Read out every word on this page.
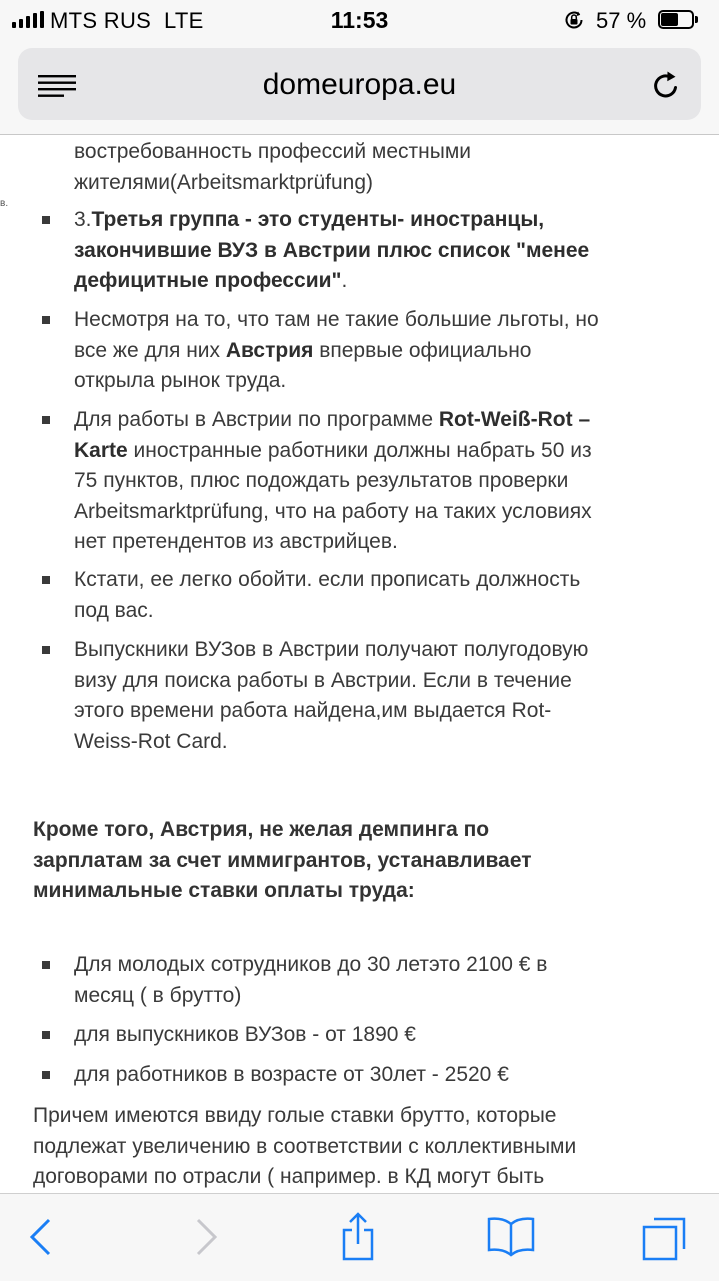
MTS RUS LTE	11:53	57 %
domeuropa.eu
в.
востребованность профессий местными
жителями(Arbeitsmarktprüfung)
3.Третья группа - это студенты- иностранцы,
закончившие ВУЗ в Австрии плюс список "менее
дефицитные профессии".
Несмотря на то, что там не такие большие льготы, но
все же для них Австрия впервые официально
открыла рынок труда.
Для работы в Австрии по программе Rot-Weiß-Rot –
Karte иностранные работники должны набрать 50 из
75 пунктов, плюс подождать результатов проверки
Arbeitsmarktprüfung, что на работу на таких условиях
нет претендентов из австрийцев.
Кстати, ее легко обойти. если прописать должность
под вас.
Выпускники ВУЗов в Австрии получают полугодовую
визу для поиска работы в Австрии. Если в течение
этого времени работа найдена,им выдается Rot-
Weiss-Rot Card.
Кроме того, Австрия, не желая демпинга по
зарплатам за счет иммигрантов, устанавливает
минимальные ставки оплаты труда:
Для молодых сотрудников до 30 летэто 2100 € в
месяц ( в брутто)
для выпускников ВУЗов - от 1890 €
для работников в возрасте от 30лет - 2520 €
Причем имеются ввиду голые ставки брутто, которые
подлежат увеличению в соответствии с коллективными
договорами по отрасли ( например. в КД могут быть
